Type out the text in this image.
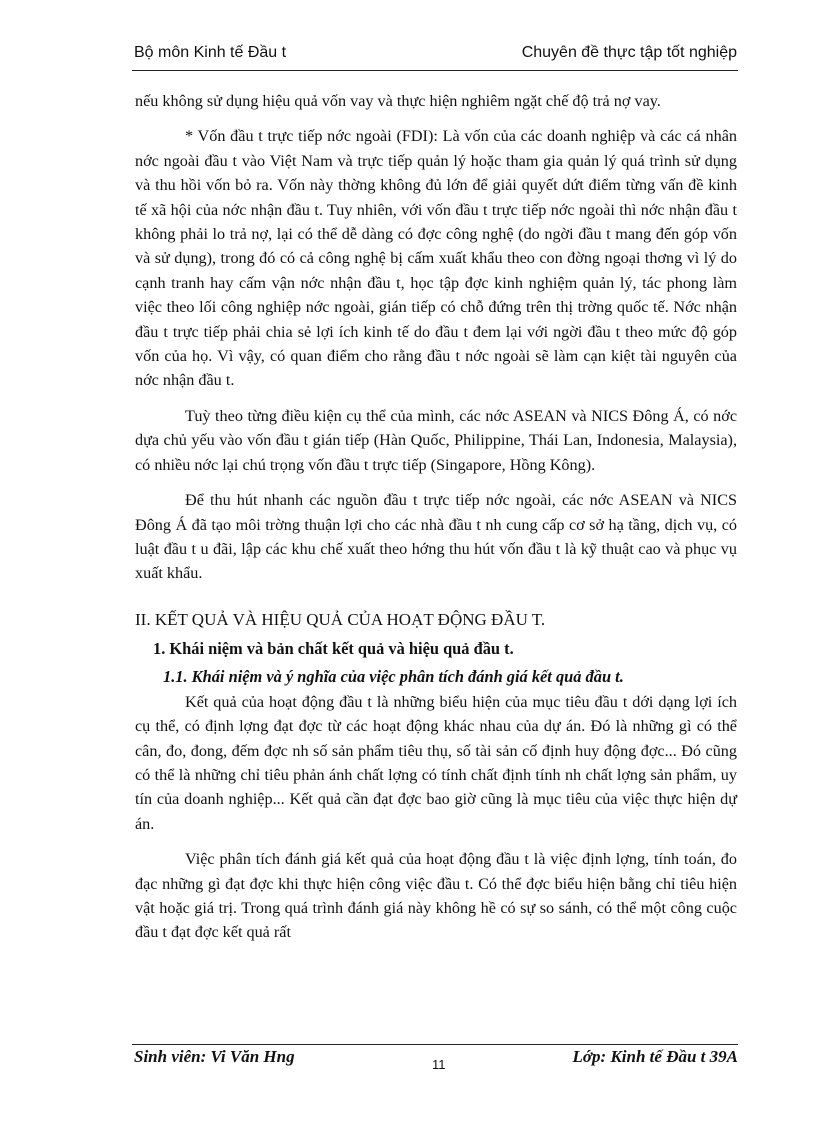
Bộ môn Kinh tế Đầu t	Chuyên đề thực tập tốt nghiệp

nếu không sử dụng hiệu quả vốn vay và thực hiện nghiêm ngặt chế độ trả nợ vay.

* Vốn đầu t trực tiếp nớc ngoài (FDI): Là vốn của các doanh nghiệp và các cá nhân nớc ngoài đầu t vào Việt Nam và trực tiếp quản lý hoặc tham gia quản lý quá trình sử dụng và thu hồi vốn bỏ ra. Vốn này thờng không đủ lớn để giải quyết dứt điểm từng vấn đề kinh tế xã hội của nớc nhận đầu t. Tuy nhiên, với vốn đầu t trực tiếp nớc ngoài thì nớc nhận đầu t không phải lo trả nợ, lại có thể dễ dàng có đợc công nghệ (do ngời đầu t mang đến góp vốn và sử dụng), trong đó có cả công nghệ bị cấm xuất khẩu theo con đờng ngoại thơng vì lý do cạnh tranh hay cấm vận nớc nhận đầu t, học tập đợc kinh nghiệm quản lý, tác phong làm việc theo lối công nghiệp nớc ngoài, gián tiếp có chỗ đứng trên thị trờng quốc tế. Nớc nhận đầu t trực tiếp phải chia sẻ lợi ích kinh tế do đầu t đem lại với ngời đầu t theo mức độ góp vốn của họ. Vì vậy, có quan điểm cho rằng đầu t nớc ngoài sẽ làm cạn kiệt tài nguyên của nớc nhận đầu t.

Tuỳ theo từng điều kiện cụ thể của mình, các nớc ASEAN và NICS Đông Á, có nớc dựa chủ yếu vào vốn đầu t gián tiếp (Hàn Quốc, Philippine, Thái Lan, Indonesia, Malaysia), có nhiều nớc lại chú trọng vốn đầu t trực tiếp (Singapore, Hồng Kông).

Để thu hút nhanh các nguồn đầu t trực tiếp nớc ngoài, các nớc ASEAN và NICS Đông Á đã tạo môi trờng thuận lợi cho các nhà đầu t nh cung cấp cơ sở hạ tầng, dịch vụ, có luật đầu t u đãi, lập các khu chế xuất theo hớng thu hút vốn đầu t là kỹ thuật cao và phục vụ xuất khẩu.

II. KẾT QUẢ VÀ HIỆU QUẢ CỦA HOẠT ĐỘNG ĐẦU T.
1. Khái niệm và bản chất kết quả và hiệu quả đầu t.
1.1. Khái niệm và ý nghĩa của việc phân tích đánh giá kết quả đầu t.

Kết quả của hoạt động đầu t là những biểu hiện của mục tiêu đầu t dới dạng lợi ích cụ thể, có định lợng đạt đợc từ các hoạt động khác nhau của dự án. Đó là những gì có thể cân, đo, đong, đếm đợc nh số sản phẩm tiêu thụ, số tài sản cố định huy động đợc... Đó cũng có thể là những chỉ tiêu phản ánh chất lợng có tính chất định tính nh chất lợng sản phẩm, uy tín của doanh nghiệp... Kết quả cần đạt đợc bao giờ cũng là mục tiêu của việc thực hiện dự án.

Việc phân tích đánh giá kết quả của hoạt động đầu t là việc định lợng, tính toán, đo đạc những gì đạt đợc khi thực hiện công việc đầu t. Có thể đợc biểu hiện bằng chỉ tiêu hiện vật hoặc giá trị. Trong quá trình đánh giá này không hề có sự so sánh, có thể một công cuộc đầu t đạt đợc kết quả rất

Sinh viên: Vi Văn Hng	11	Lớp: Kinh tế Đầu t 39A
